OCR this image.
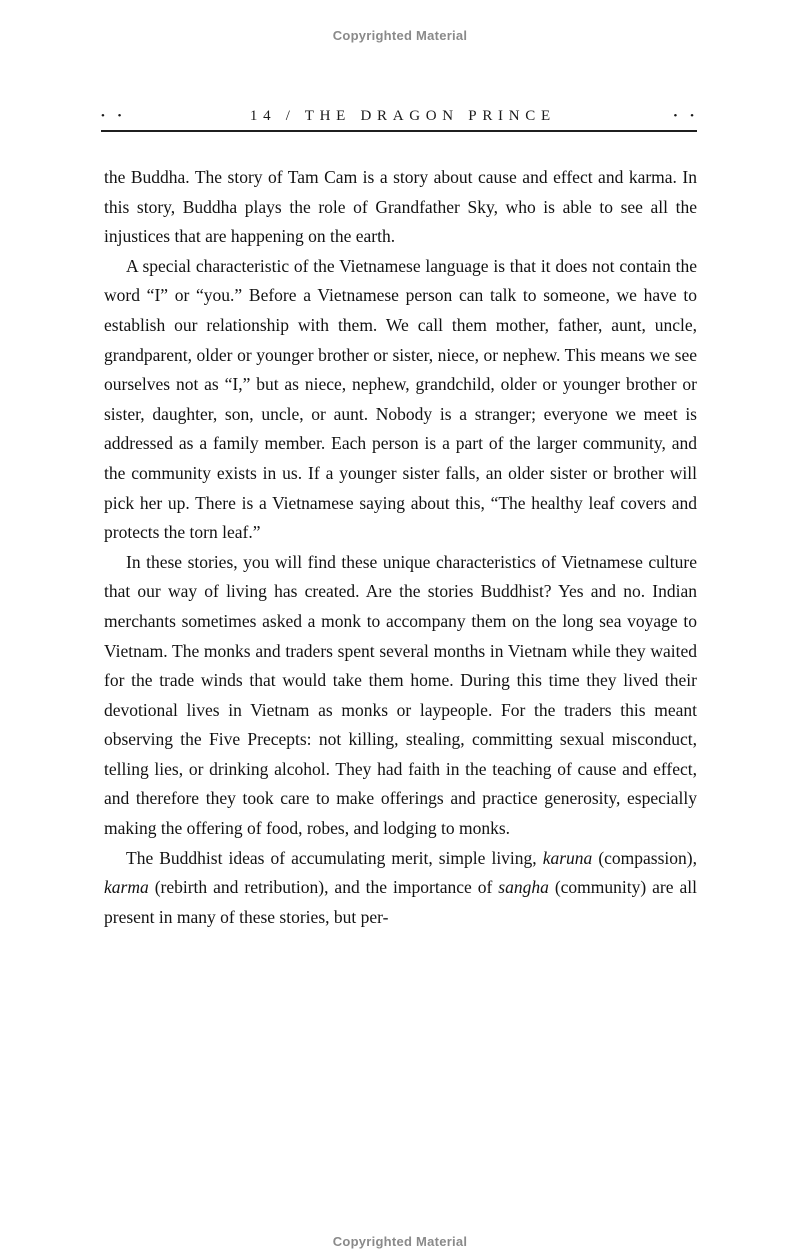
Copyrighted Material
• •	14 / THE DRAGON PRINCE	• •

the Buddha. The story of Tam Cam is a story about cause and effect and karma. In this story, Buddha plays the role of Grandfather Sky, who is able to see all the injustices that are happening on the earth.

A special characteristic of the Vietnamese language is that it does not contain the word “I” or “you.” Before a Vietnamese person can talk to someone, we have to establish our relationship with them. We call them mother, father, aunt, uncle, grandparent, older or younger brother or sister, niece, or nephew. This means we see ourselves not as “I,” but as niece, nephew, grandchild, older or younger brother or sister, daughter, son, uncle, or aunt. Nobody is a stranger; everyone we meet is addressed as a family member. Each person is a part of the larger community, and the community exists in us. If a younger sister falls, an older sister or brother will pick her up. There is a Vietnamese saying about this, “The healthy leaf covers and protects the torn leaf.”

In these stories, you will find these unique characteristics of Vietnamese culture that our way of living has created. Are the stories Buddhist? Yes and no. Indian merchants sometimes asked a monk to accompany them on the long sea voyage to Vietnam. The monks and traders spent several months in Vietnam while they waited for the trade winds that would take them home. During this time they lived their devotional lives in Vietnam as monks or laypeople. For the traders this meant observing the Five Precepts: not killing, stealing, committing sexual misconduct, telling lies, or drinking alcohol. They had faith in the teaching of cause and effect, and therefore they took care to make offerings and practice generosity, especially making the offering of food, robes, and lodging to monks.

The Buddhist ideas of accumulating merit, simple living, karuna (compassion), karma (rebirth and retribution), and the importance of sangha (community) are all present in many of these stories, but per-

Copyrighted Material
